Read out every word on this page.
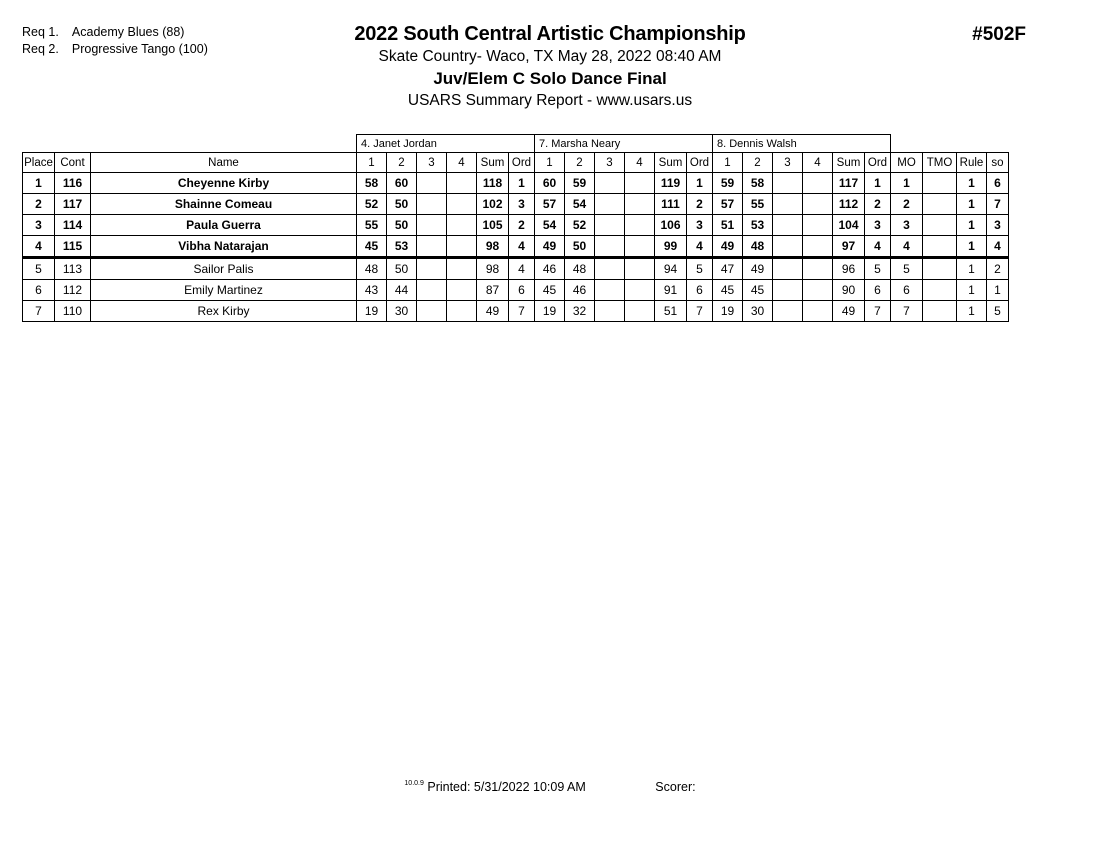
Req 1. Academy Blues (88)
Req 2. Progressive Tango (100)
2022 South Central Artistic Championship
Skate Country- Waco, TX May 28, 2022 08:40 AM
Juv/Elem C Solo Dance Final
USARS Summary Report - www.usars.us
#502F
			4. Janet Jordan						7. Marsha Neary						8. Dennis Walsh									
Place	Cont	Name	1	2	3	4	Sum	Ord	1	2	3	4	Sum	Ord	1	2	3	4	Sum	Ord	MO	TMO	Rule	so
1	116	Cheyenne Kirby	58	60			118	1	60	59			119	1	59	58			117	1	1		1	6
2	117	Shainne Comeau	52	50			102	3	57	54			111	2	57	55			112	2	2		1	7
3	114	Paula Guerra	55	50			105	2	54	52			106	3	51	53			104	3	3		1	3
4	115	Vibha Natarajan	45	53			98	4	49	50			99	4	49	48			97	4	4		1	4
5	113	Sailor Palis	48	50			98	4	46	48			94	5	47	49			96	5	5		1	2
6	112	Emily Martinez	43	44			87	6	45	46			91	6	45	45			90	6	6		1	1
7	110	Rex Kirby	19	30			49	7	19	32			51	7	19	30			49	7	7		1	5
$^{10.0.9}$ Printed: 5/31/2022 10:09 AM	Scorer:
